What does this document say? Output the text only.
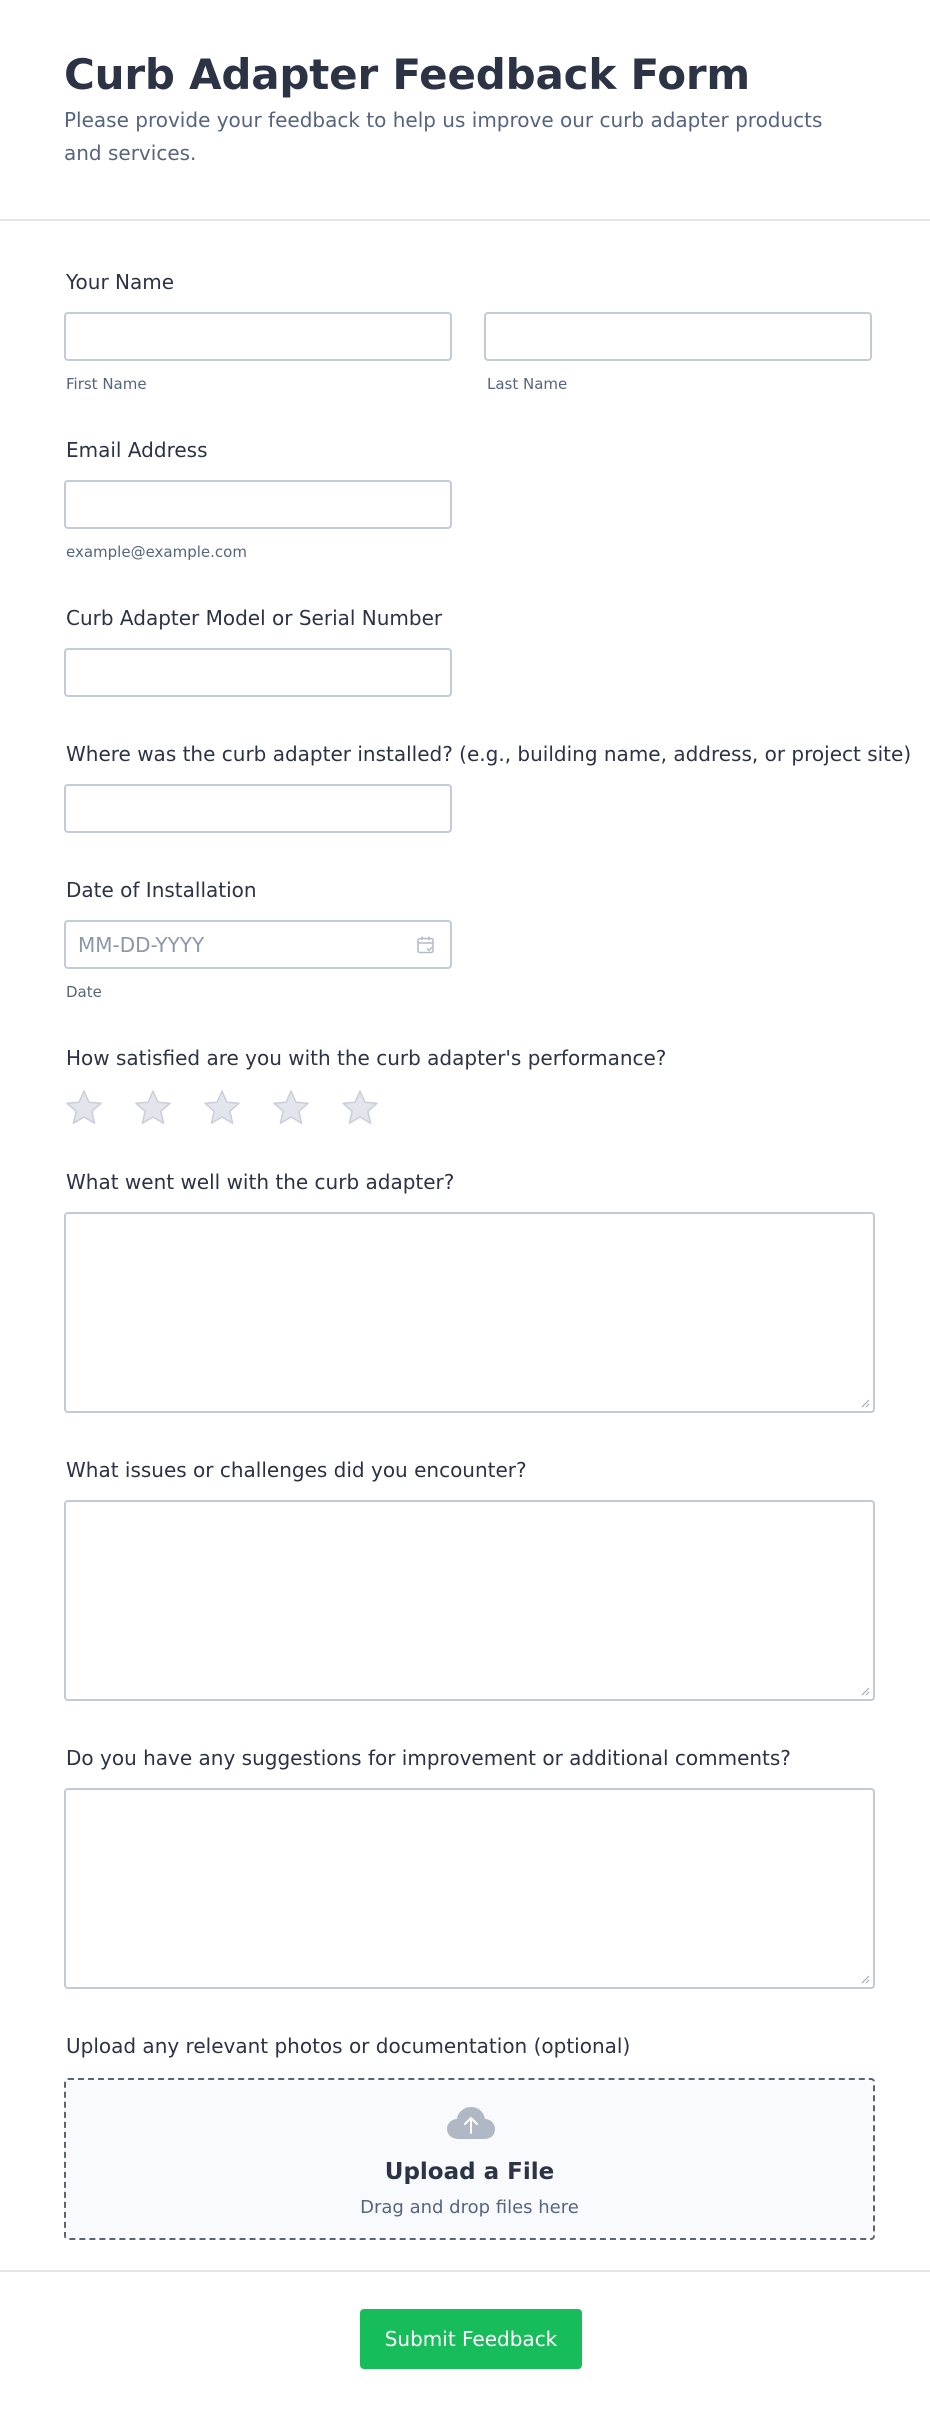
Curb Adapter Feedback Form

Please provide your feedback to help us improve our curb adapter products and services.

Your Name
First Name	Last Name
Email Address
example@example.com
Curb Adapter Model or Serial Number
Where was the curb adapter installed? (e.g., building name, address, or project site)
Date of Installation
MM-DD-YYYY
Date
How satisfied are you with the curb adapter's performance?
What went well with the curb adapter?
What issues or challenges did you encounter?
Do you have any suggestions for improvement or additional comments?
Upload any relevant photos or documentation (optional)
Upload a File
Drag and drop files here
Submit Feedback
